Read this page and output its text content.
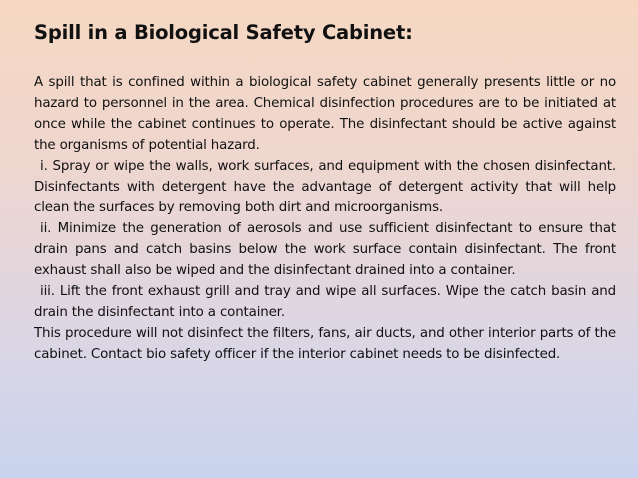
Spill in a Biological Safety Cabinet:

A spill that is confined within a biological safety cabinet generally presents little or no hazard to personnel in the area. Chemical disinfection procedures are to be initiated at once while the cabinet continues to operate. The disinfectant should be active against the organisms of potential hazard.

i. Spray or wipe the walls, work surfaces, and equipment with the chosen disinfectant. Disinfectants with detergent have the advantage of detergent activity that will help clean the surfaces by removing both dirt and microorganisms.

ii. Minimize the generation of aerosols and use sufficient disinfectant to ensure that drain pans and catch basins below the work surface contain disinfectant. The front exhaust shall also be wiped and the disinfectant drained into a container.

iii. Lift the front exhaust grill and tray and wipe all surfaces. Wipe the catch basin and drain the disinfectant into a container.

This procedure will not disinfect the filters, fans, air ducts, and other interior parts of the cabinet. Contact bio safety officer if the interior cabinet needs to be disinfected.
